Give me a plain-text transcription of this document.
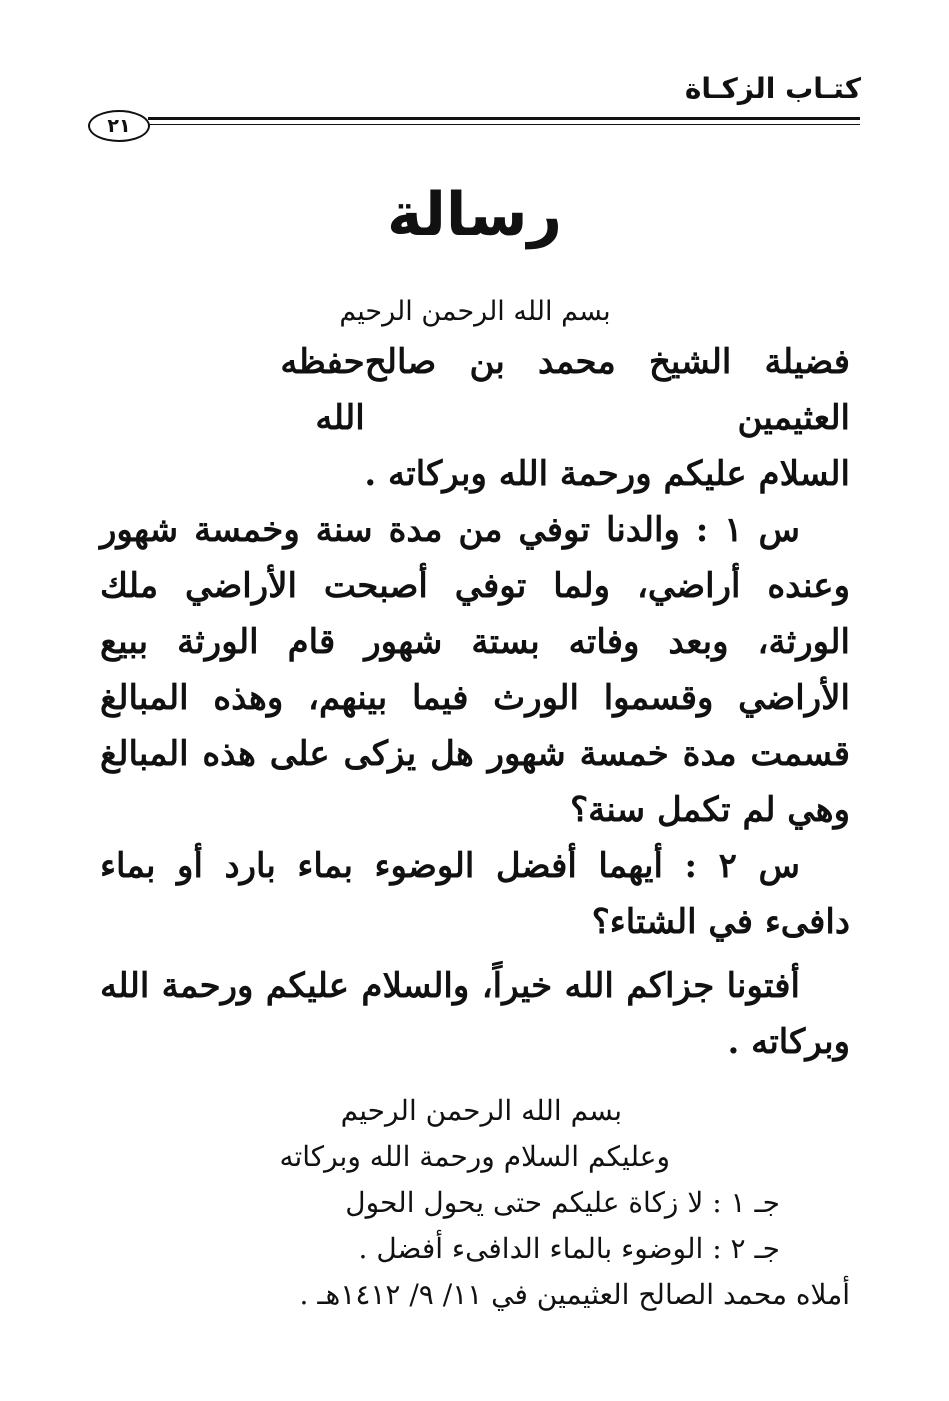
كتـاب الزكـاة
٢١
رسالة

بسم الله الرحمن الرحيم

فضيلة الشيخ محمد بن صالح العثيمين
حفظه الله

السلام عليكم ورحمة الله وبركاته .

س ١ : والدنا توفي من مدة سنة وخمسة شهور وعنده أراضي، ولما توفي أصبحت الأراضي ملك الورثة، وبعد وفاته بستة شهور قام الورثة ببيع الأراضي وقسموا الورث فيما بينهم، وهذه المبالغ قسمت مدة خمسة شهور هل يزكى على هذه المبالغ وهي لم تكمل سنة؟

س ٢ : أيهما أفضل الوضوء بماء بارد أو بماء دافىء في الشتاء؟

أفتونا جزاكم الله خيراً، والسلام عليكم ورحمة الله وبركاته .

بسم الله الرحمن الرحيم

وعليكم السلام ورحمة الله وبركاته

جـ ١ : لا زكاة عليكم حتى يحول الحول

جـ ٢ : الوضوء بالماء الدافىء أفضل .

أملاه محمد الصالح العثيمين في ١١/ ٩/ ١٤١٢هـ .
